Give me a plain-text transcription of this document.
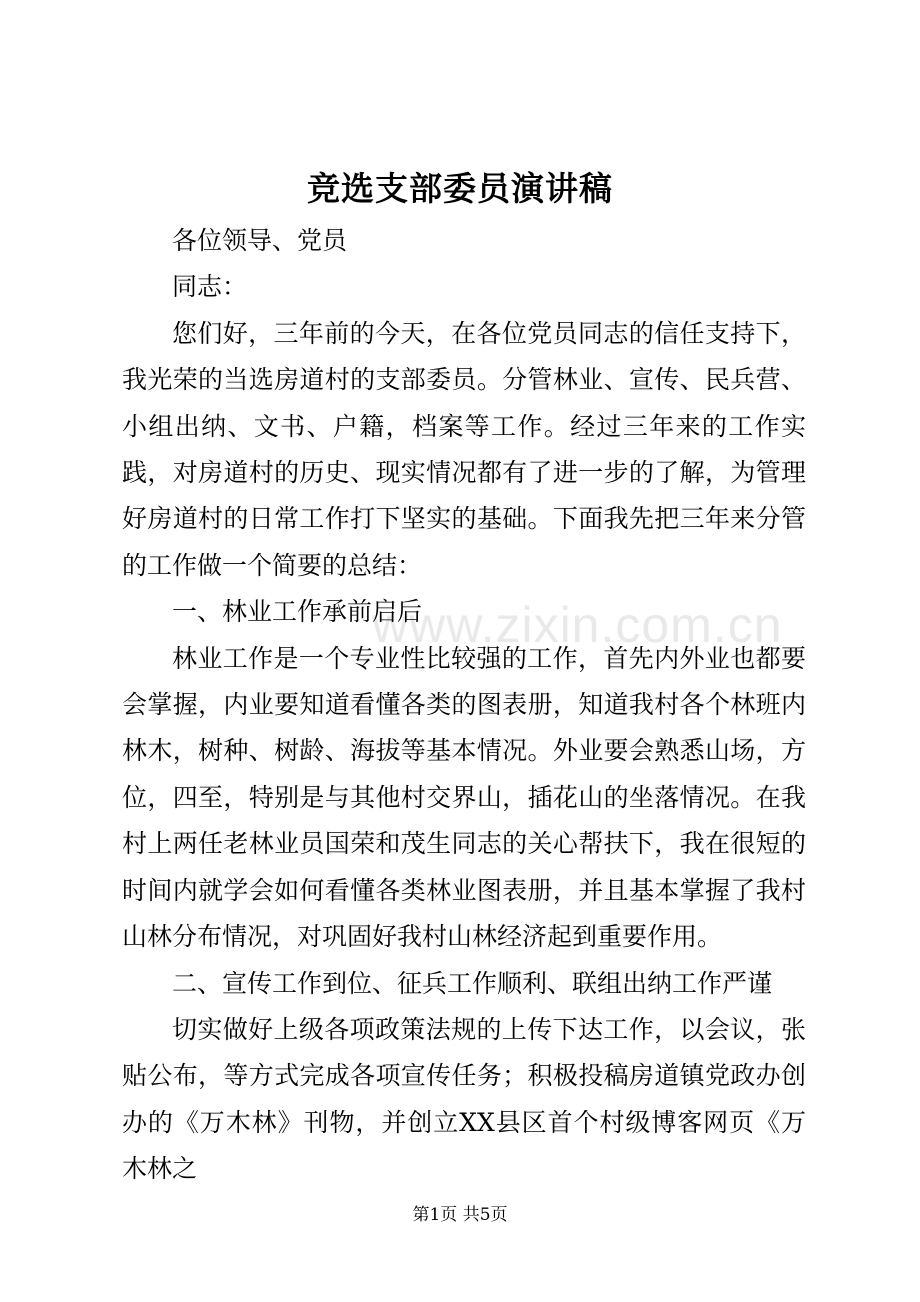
www.zixin.com.cn
竞选支部委员演讲稿

各位领导、党员

同志：

您们好，三年前的今天，在各位党员同志的信任支持下，我光荣的当选房道村的支部委员。分管林业、宣传、民兵营、小组出纳、文书、户籍，档案等工作。经过三年来的工作实践，对房道村的历史、现实情况都有了进一步的了解，为管理好房道村的日常工作打下坚实的基础。下面我先把三年来分管的工作做一个简要的总结：

一、林业工作承前启后

林业工作是一个专业性比较强的工作，首先内外业也都要会掌握，内业要知道看懂各类的图表册，知道我村各个林班内林木，树种、树龄、海拔等基本情况。外业要会熟悉山场，方位，四至，特别是与其他村交界山，插花山的坐落情况。在我村上两任老林业员国荣和茂生同志的关心帮扶下，我在很短的时间内就学会如何看懂各类林业图表册，并且基本掌握了我村山林分布情况，对巩固好我村山林经济起到重要作用。

二、宣传工作到位、征兵工作顺利、联组出纳工作严谨

切实做好上级各项政策法规的上传下达工作，以会议，张贴公布，等方式完成各项宣传任务；积极投稿房道镇党政办创办的《万木林》刊物，并创立XX县区首个村级博客网页《万木林之

第1页 共5页
